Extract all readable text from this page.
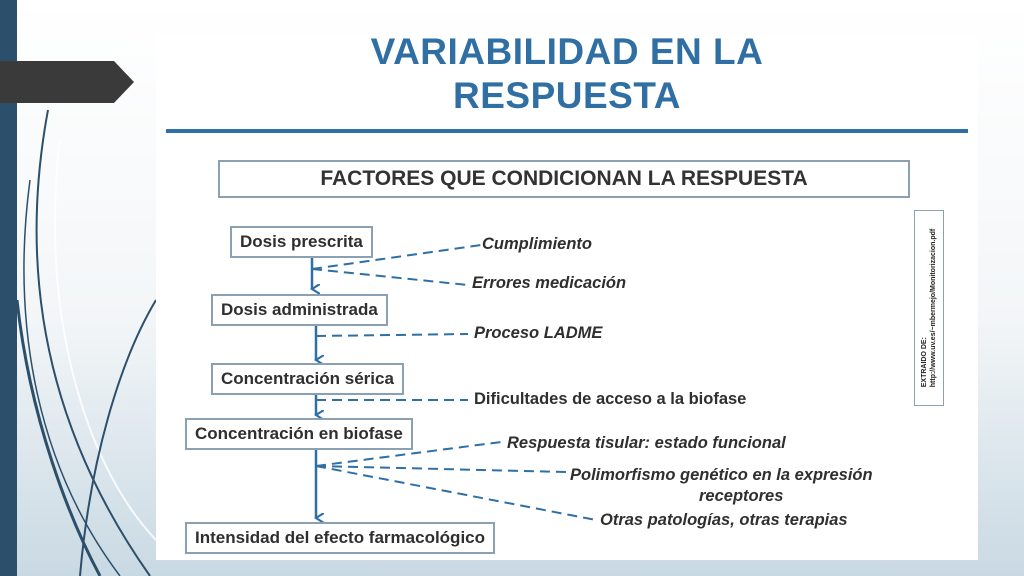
VARIABILIDAD EN LA
RESPUESTA
FACTORES QUE CONDICIONAN LA RESPUESTA
Dosis prescrita
Dosis administrada
Concentración sérica
Concentración en biofase
Intensidad del efecto farmacológico
Cumplimiento
Errores medicación
Proceso LADME
Dificultades de acceso a la biofase
Respuesta tisular: estado funcional
Polimorfismo genético en la expresión
receptores
Otras patologías, otras terapias
EXTRAIDO DE: http://www.uv.es/~mbermejo/Monitorizacion.pdf
